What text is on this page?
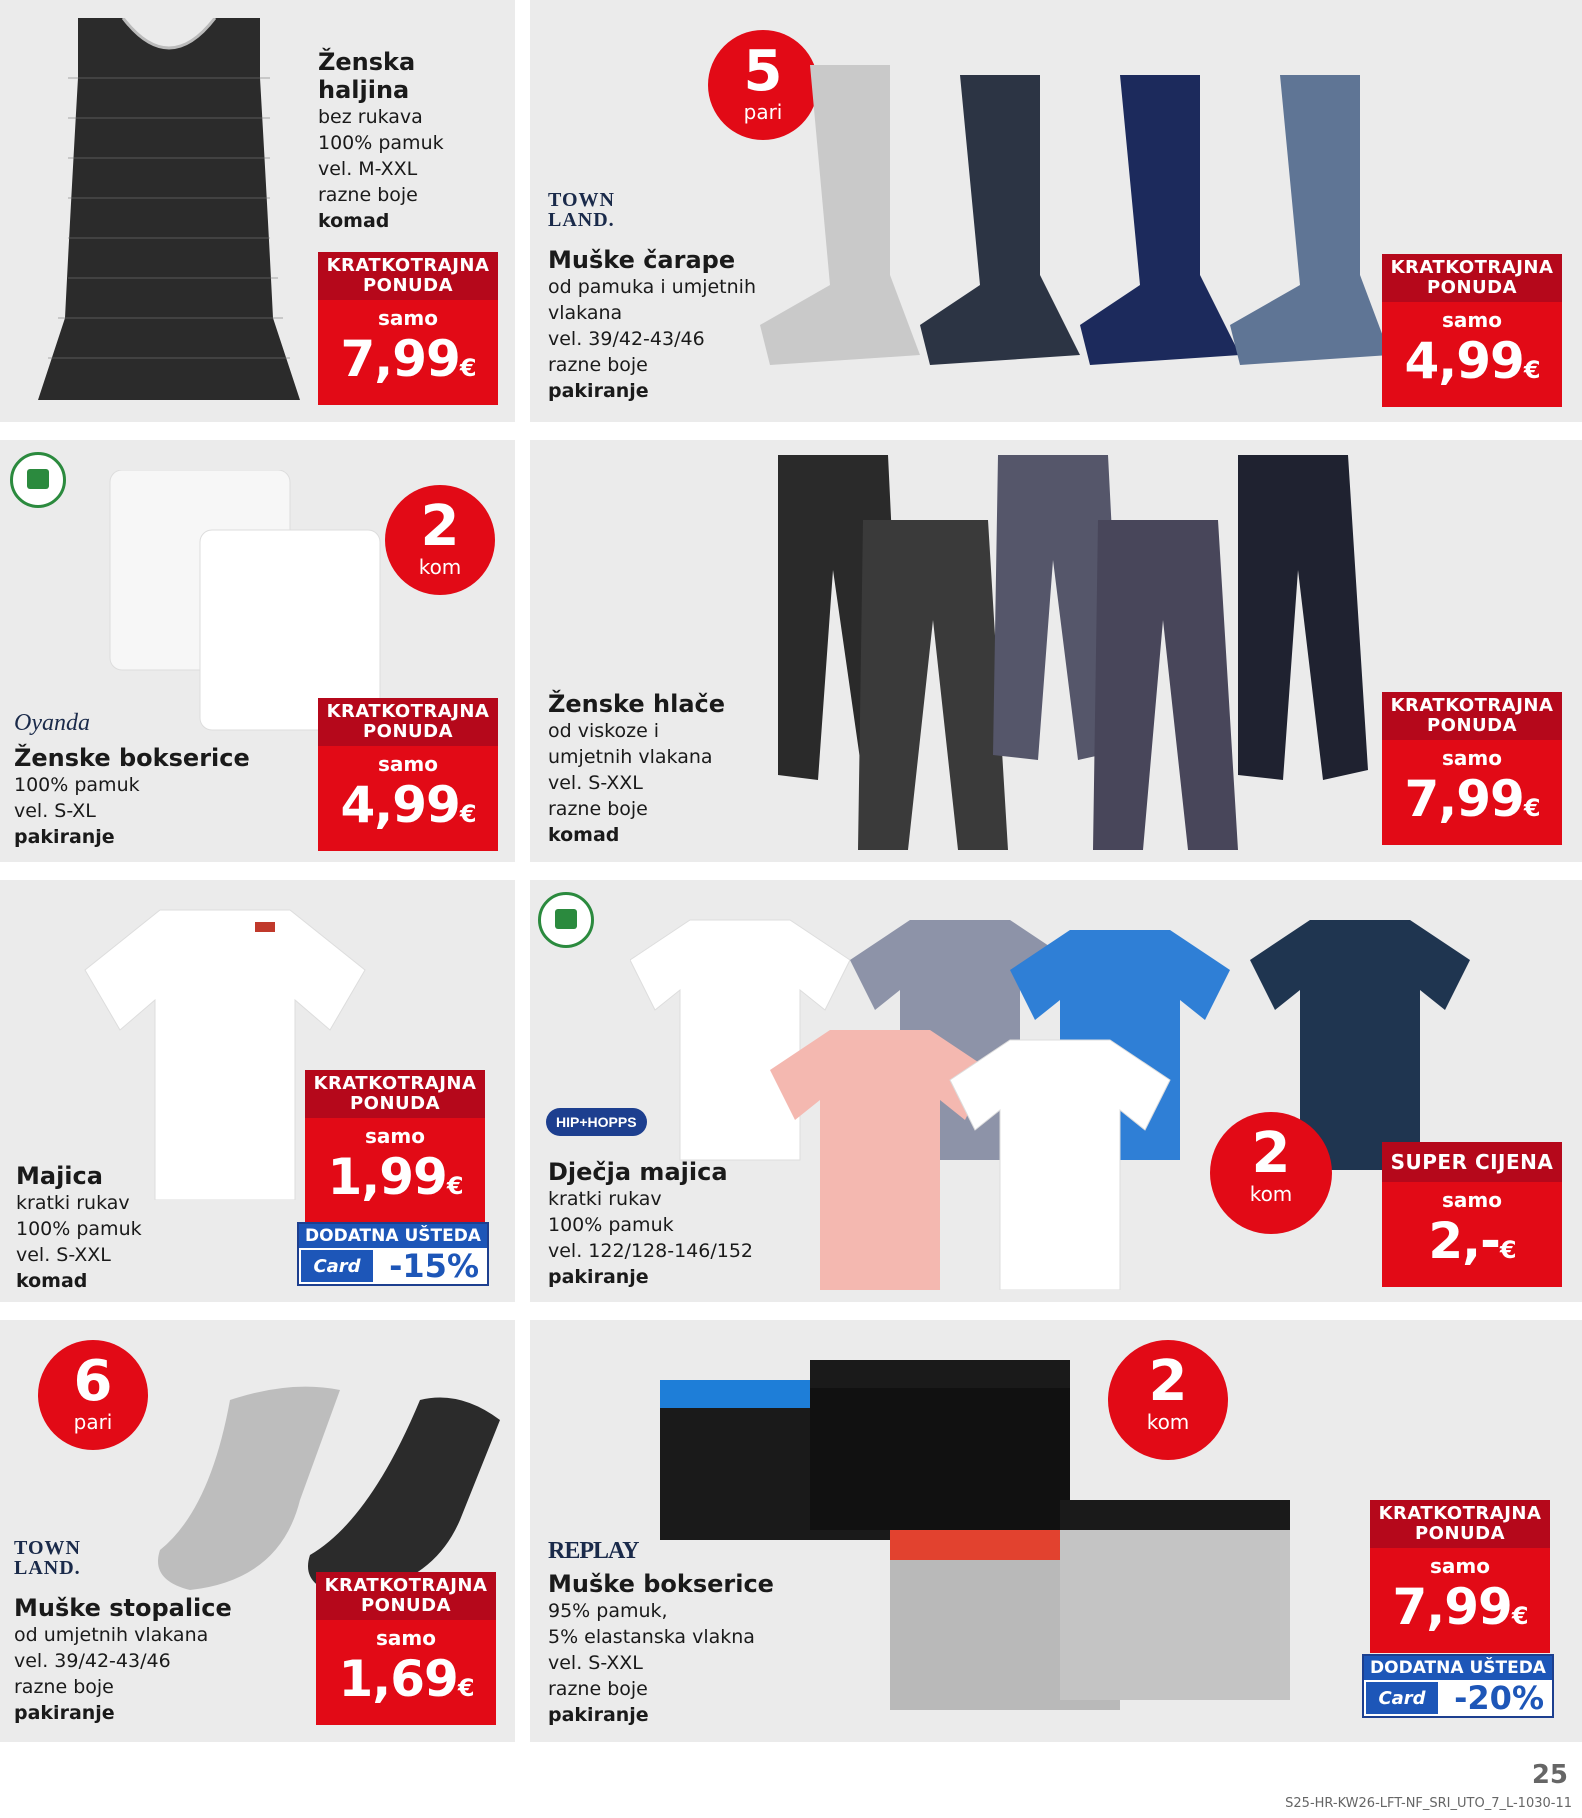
Ženska
haljina
bez rukava
100% pamuk
vel. M-XXL
razne boje
komad
KRATKOTRAJNA
PONUDA
samo
7,99€
TOWN LAND.
5
pari
Muške čarape
od pamuka i umjetnih
vlakana
vel. 39/42-43/46
razne boje
pakiranje
KRATKOTRAJNA
PONUDA
samo
4,99€
2
kom
Oyanda
Ženske bokserice
100% pamuk
vel. S-XL
pakiranje
KRATKOTRAJNA
PONUDA
samo
4,99€
Ženske hlače
od viskoze i
umjetnih vlakana
vel. S-XXL
razne boje
komad
KRATKOTRAJNA
PONUDA
samo
7,99€
Majica
kratki rukav
100% pamuk
vel. S-XXL
komad
KRATKOTRAJNA
PONUDA
samo
1,99€
DODATNA UŠTEDA
Card -15%
HIP+HOPPS	2
kom
Dječja majica
kratki rukav
100% pamuk
vel. 122/128-146/152
pakiranje
SUPER CIJENA
samo
2,-€
6
pari
TOWN LAND.
Muške stopalice
od umjetnih vlakana
vel. 39/42-43/46
razne boje
pakiranje
KRATKOTRAJNA
PONUDA
samo
1,69€
2
kom
REPLAY
Muške bokserice
95% pamuk,
5% elastanska vlakna
vel. S-XXL
razne boje
pakiranje
KRATKOTRAJNA
PONUDA
samo
7,99€
DODATNA UŠTEDA
Card -20%
25
S25-HR-KW26-LFT-NF_SRI_UTO_7_L-1030-11
